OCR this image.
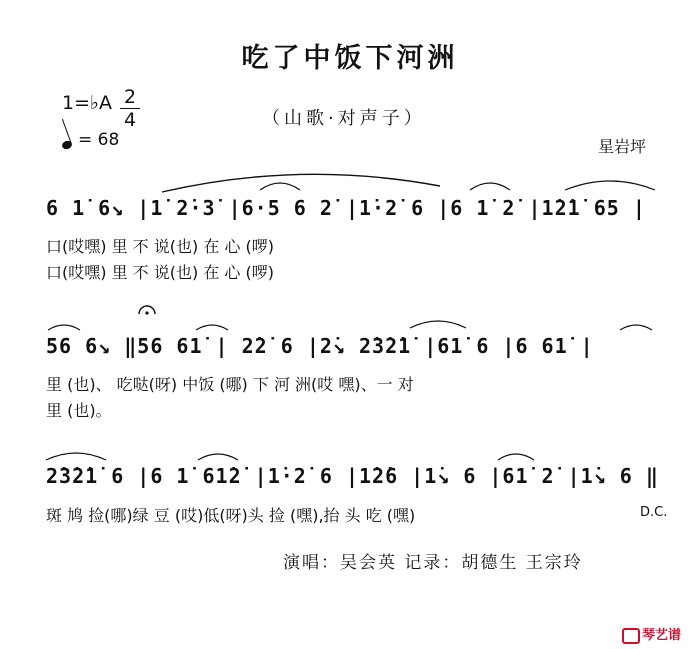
吃了中饭下河洲
1=♭A 2
4
= 68
（山歌·对声子）
星岩坪
6 1̇ 6↘ |1̇ 2̇·3̇ |6·5 6 2̇ |1̇·2̇ 6 |6 1̇ 2̇ |1̇2̇1̇ 65 |
口(哎嘿) 里 不 说(也) 在 心 (啰)
口(哎嘿) 里 不 说(也) 在 心 (啰)
56 6↘ ‖56 61̇ | 2̇2̇ 6 |2̇↘ 2̇3̇2̇1̇ |61̇ 6 |6 61̇ |
里 (也)、 吃哒(呀) 中饭 (哪) 下 河 洲(哎 嘿)、一 对
里 (也)。
2̇3̇2̇1̇ 6 |6 1̇ 61̇2̇ |1̇·2̇ 6 |1̇2̇6 |1̇↘ 6 |61̇ 2̇ |1̇↘ 6 ‖
斑 鸠 捡(哪)绿 豆 (哎)低(呀)头 捡 (嘿),抬 头 吃 (嘿)	D.C.
演唱：吴会英 记录：胡德生 王宗玲
琴艺谱
